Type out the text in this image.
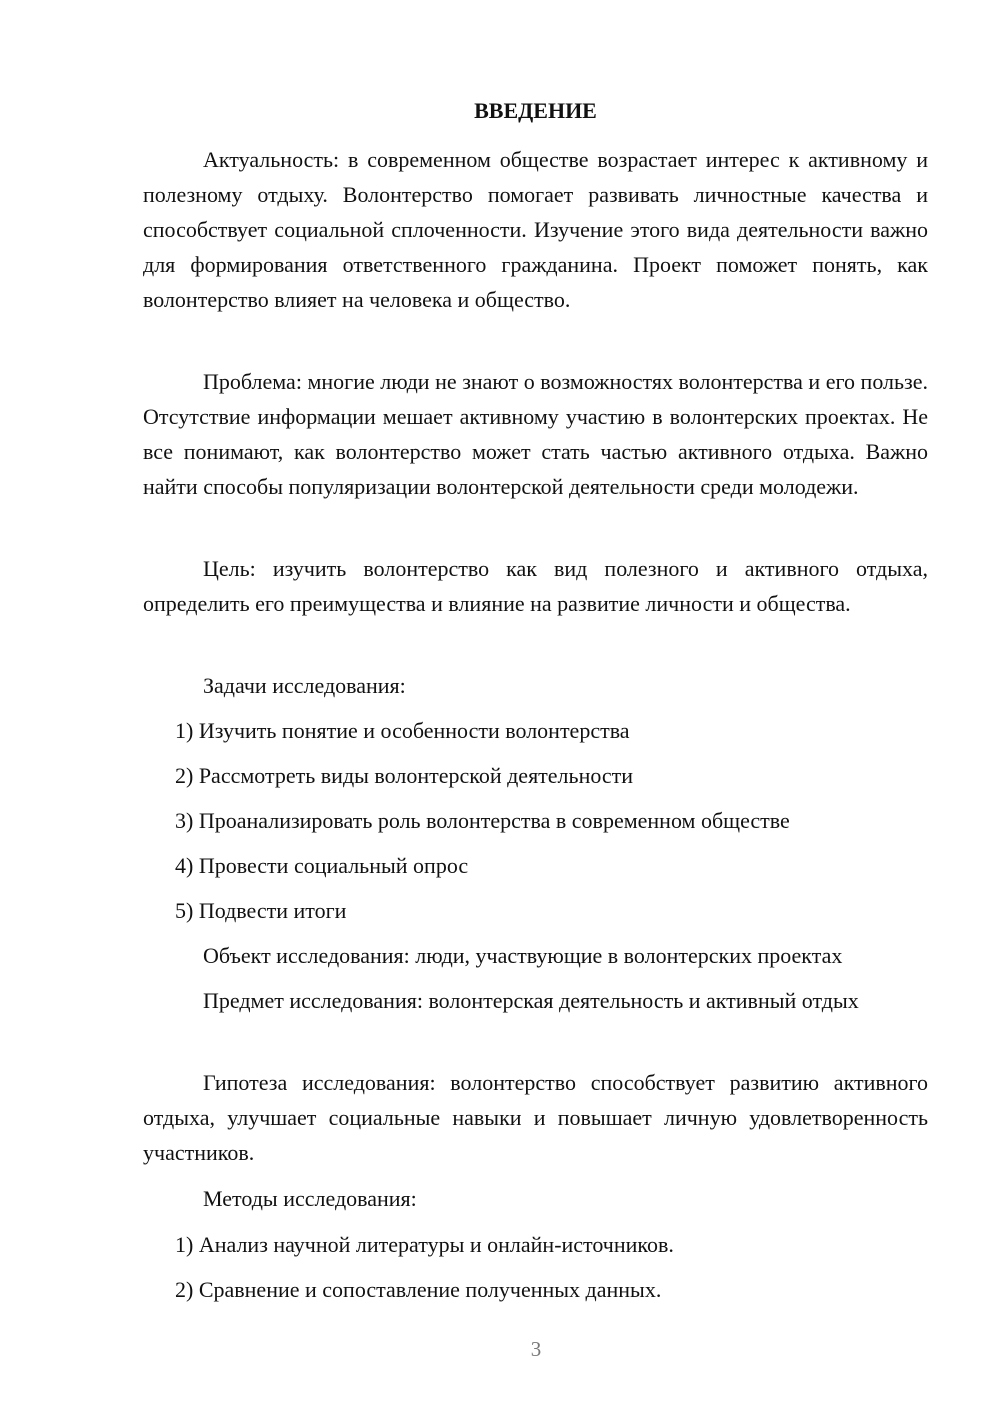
ВВЕДЕНИЕ

Актуальность: в современном обществе возрастает интерес к активному и полезному отдыху. Волонтерство помогает развивать личностные качества и способствует социальной сплоченности. Изучение этого вида деятельности важно для формирования ответственного гражданина. Проект поможет понять, как волонтерство влияет на человека и общество.

Проблема: многие люди не знают о возможностях волонтерства и его пользе. Отсутствие информации мешает активному участию в волонтерских проектах. Не все понимают, как волонтерство может стать частью активного отдыха. Важно найти способы популяризации волонтерской деятельности среди молодежи.

Цель: изучить волонтерство как вид полезного и активного отдыха, определить его преимущества и влияние на развитие личности и общества.

Задачи исследования:

1) Изучить понятие и особенности волонтерства

2) Рассмотреть виды волонтерской деятельности

3) Проанализировать роль волонтерства в современном обществе

4) Провести социальный опрос

5) Подвести итоги

Объект исследования: люди, участвующие в волонтерских проектах

Предмет исследования: волонтерская деятельность и активный отдых

Гипотеза исследования: волонтерство способствует развитию активного отдыха, улучшает социальные навыки и повышает личную удовлетворенность участников.

Методы исследования:

1) Анализ научной литературы и онлайн-источников.

2) Сравнение и сопоставление полученных данных.

3
